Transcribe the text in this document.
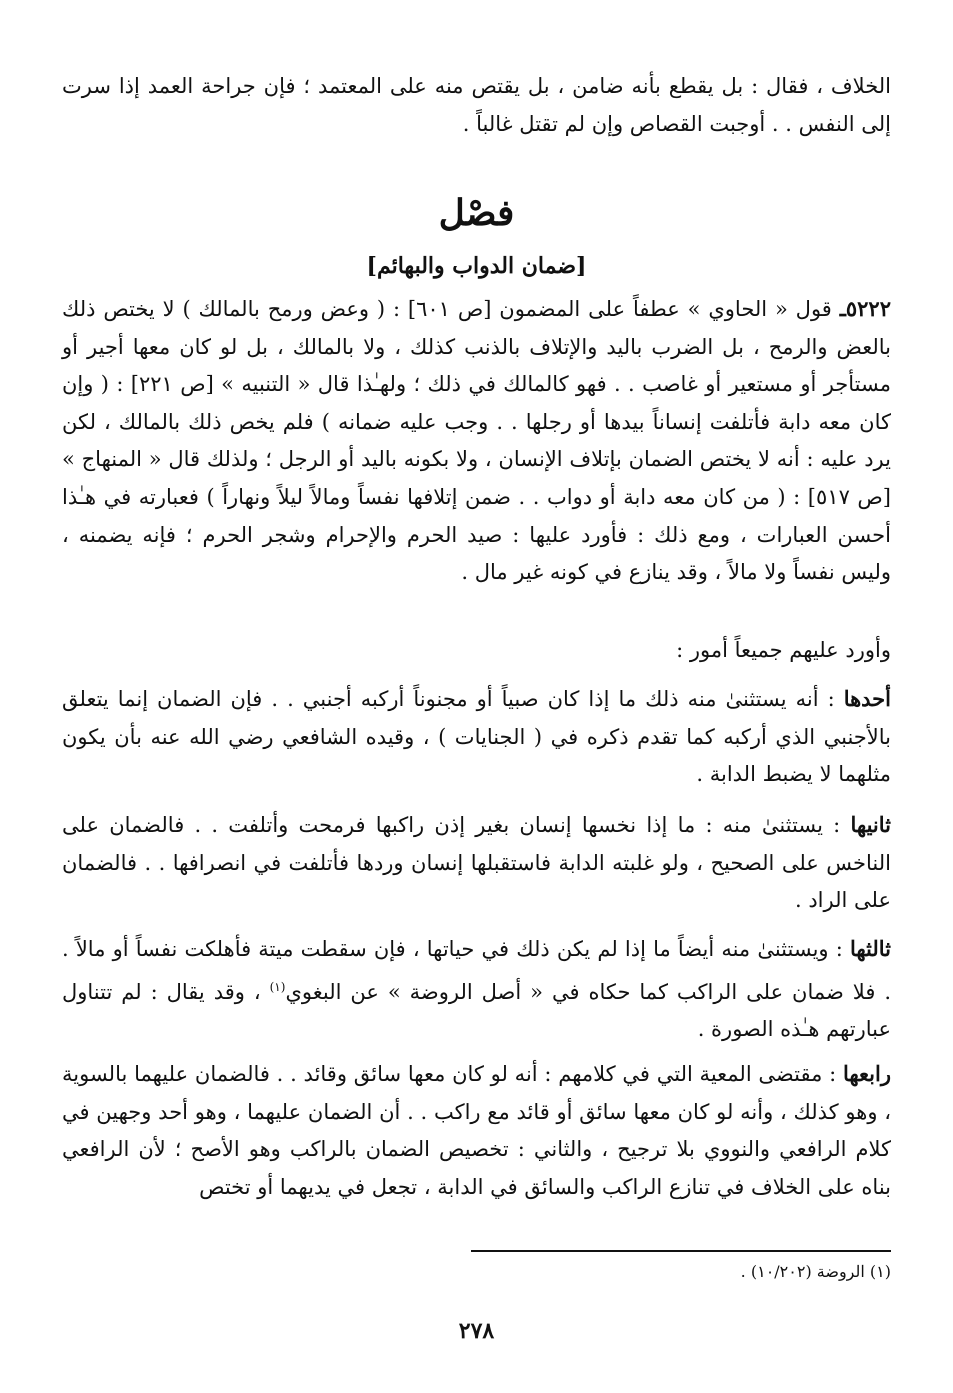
الخلاف ، فقال : بل يقطع بأنه ضامن ، بل يقتص منه على المعتمد ؛ فإن جراحة العمد إذا سرت إلى النفس . . أوجبت القصاص وإن لم تقتل غالباً .

فصْل
[ضمان الدواب والبهائم]

٥٢٢٢ـ قول « الحاوي » عطفاً على المضمون [ص ٦٠١] : ( وعض ورمح بالمالك ) لا يختص ذلك بالعض والرمح ، بل الضرب باليد والإتلاف بالذنب كذلك ، ولا بالمالك ، بل لو كان معها أجير أو مستأجر أو مستعير أو غاصب . . فهو كالمالك في ذلك ؛ ولهـٰذا قال « التنبيه » [ص ٢٢١] : ( وإن كان معه دابة فأتلفت إنساناً بيدها أو رجلها . . وجب عليه ضمانه ) فلم يخص ذلك بالمالك ، لكن يرد عليه : أنه لا يختص الضمان بإتلاف الإنسان ، ولا بكونه باليد أو الرجل ؛ ولذلك قال « المنهاج » [ص ٥١٧] : ( من كان معه دابة أو دواب . . ضمن إتلافها نفساً ومالاً ليلاً ونهاراً ) فعبارته في هـٰذا أحسن العبارات ، ومع ذلك : فأورد عليها : صيد الحرم والإحرام وشجر الحرم ؛ فإنه يضمنه ، وليس نفساً ولا مالاً ، وقد ينازع في كونه غير مال .

وأورد عليهم جميعاً أمور :

أحدها : أنه يستثنىٰ منه ذلك ما إذا كان صبياً أو مجنوناً أركبه أجنبي . . فإن الضمان إنما يتعلق بالأجنبي الذي أركبه كما تقدم ذكره في ( الجنايات ) ، وقيده الشافعي رضي الله عنه بأن يكون مثلهما لا يضبط الدابة .

ثانيها : يستثنىٰ منه : ما إذا نخسها إنسان بغير إذن راكبها فرمحت وأتلفت . . فالضمان على الناخس على الصحيح ، ولو غلبته الدابة فاستقبلها إنسان وردها فأتلفت في انصرافها . . فالضمان على الراد .

ثالثها : ويستثنىٰ منه أيضاً ما إذا لم يكن ذلك في حياتها ، فإن سقطت ميتة فأهلكت نفساً أو مالاً . . فلا ضمان على الراكب كما حكاه في « أصل الروضة » عن البغوي$^{(١)}$ ، وقد يقال : لم تتناول عبارتهم هـٰذه الصورة .

رابعها : مقتضى المعية التي في كلامهم : أنه لو كان معها سائق وقائد . . فالضمان عليهما بالسوية ، وهو كذلك ، وأنه لو كان معها سائق أو قائد مع راكب . . أن الضمان عليهما ، وهو أحد وجهين في كلام الرافعي والنووي بلا ترجيح ، والثاني : تخصيص الضمان بالراكب وهو الأصح ؛ لأن الرافعي بناه على الخلاف في تنازع الراكب والسائق في الدابة ، تجعل في يديهما أو تختص

(١) الروضة (١٠/٢٠٢) .
٢٧٨
